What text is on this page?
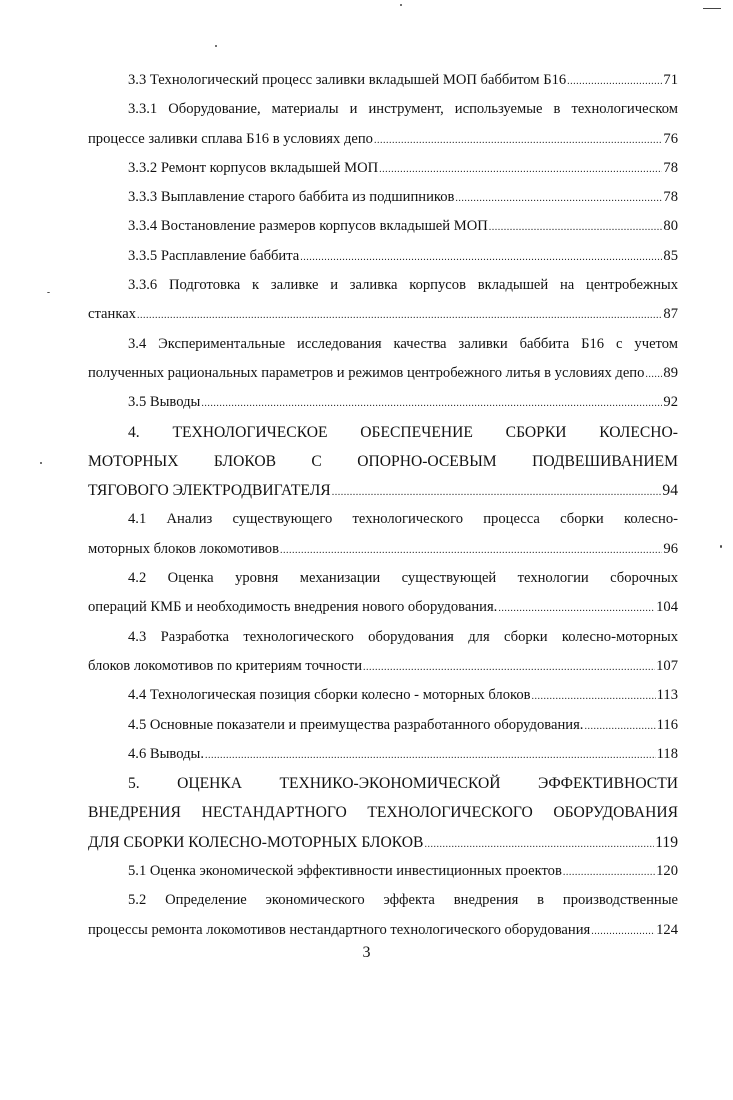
3.3 Технологический процесс заливки вкладышей МОП баббитом Б16 .....	71
3.3.1 Оборудование, материалы и инструмент, используемые в технологическом
процессе заливки сплава Б16 в условиях депо .....	76
3.3.2 Ремонт корпусов вкладышей МОП .....	78
3.3.3 Выплавление старого баббита из подшипников .....	78
3.3.4 Востановление размеров корпусов вкладышей МОП .....	80
3.3.5 Расплавление баббита .....	85
3.3.6 Подготовка к заливке и заливка корпусов вкладышей на центробежных
станках .....	87
3.4 Экспериментальные исследования качества заливки баббита Б16 с учетом
полученных рациональных параметров и режимов центробежного литья в условиях депо ..... 89
3.5 Выводы .....	92
4. ТЕХНОЛОГИЧЕСКОЕ ОБЕСПЕЧЕНИЕ СБОРКИ КОЛЕСНО-
МОТОРНЫХ БЛОКОВ С ОПОРНО-ОСЕВЫМ ПОДВЕШИВАНИЕМ
ТЯГОВОГО ЭЛЕКТРОДВИГАТЕЛЯ .....	94
4.1 Анализ существующего технологического процесса сборки колесно-
моторных блоков локомотивов .....	96
4.2 Оценка уровня механизации существующей технологии сборочных
операций КМБ и необходимость внедрения нового оборудования. .....	104
4.3 Разработка технологического оборудования для сборки колесно-моторных
блоков локомотивов по критериям точности .....	107
4.4 Технологическая позиция сборки колесно - моторных блоков .....	113
4.5 Основные показатели и преимущества разработанного оборудования. .....	116
4.6 Выводы. .....	118
5. ОЦЕНКА ТЕХНИКО-ЭКОНОМИЧЕСКОЙ ЭФФЕКТИВНОСТИ
ВНЕДРЕНИЯ НЕСТАНДАРТНОГО ТЕХНОЛОГИЧЕСКОГО ОБОРУДОВАНИЯ
ДЛЯ СБОРКИ КОЛЕСНО-МОТОРНЫХ БЛОКОВ .....	119
5.1 Оценка экономической эффективности инвестиционных проектов .....	120
5.2 Определение экономического эффекта внедрения в производственные
процессы ремонта локомотивов нестандартного технологического оборудования .....	124
3
